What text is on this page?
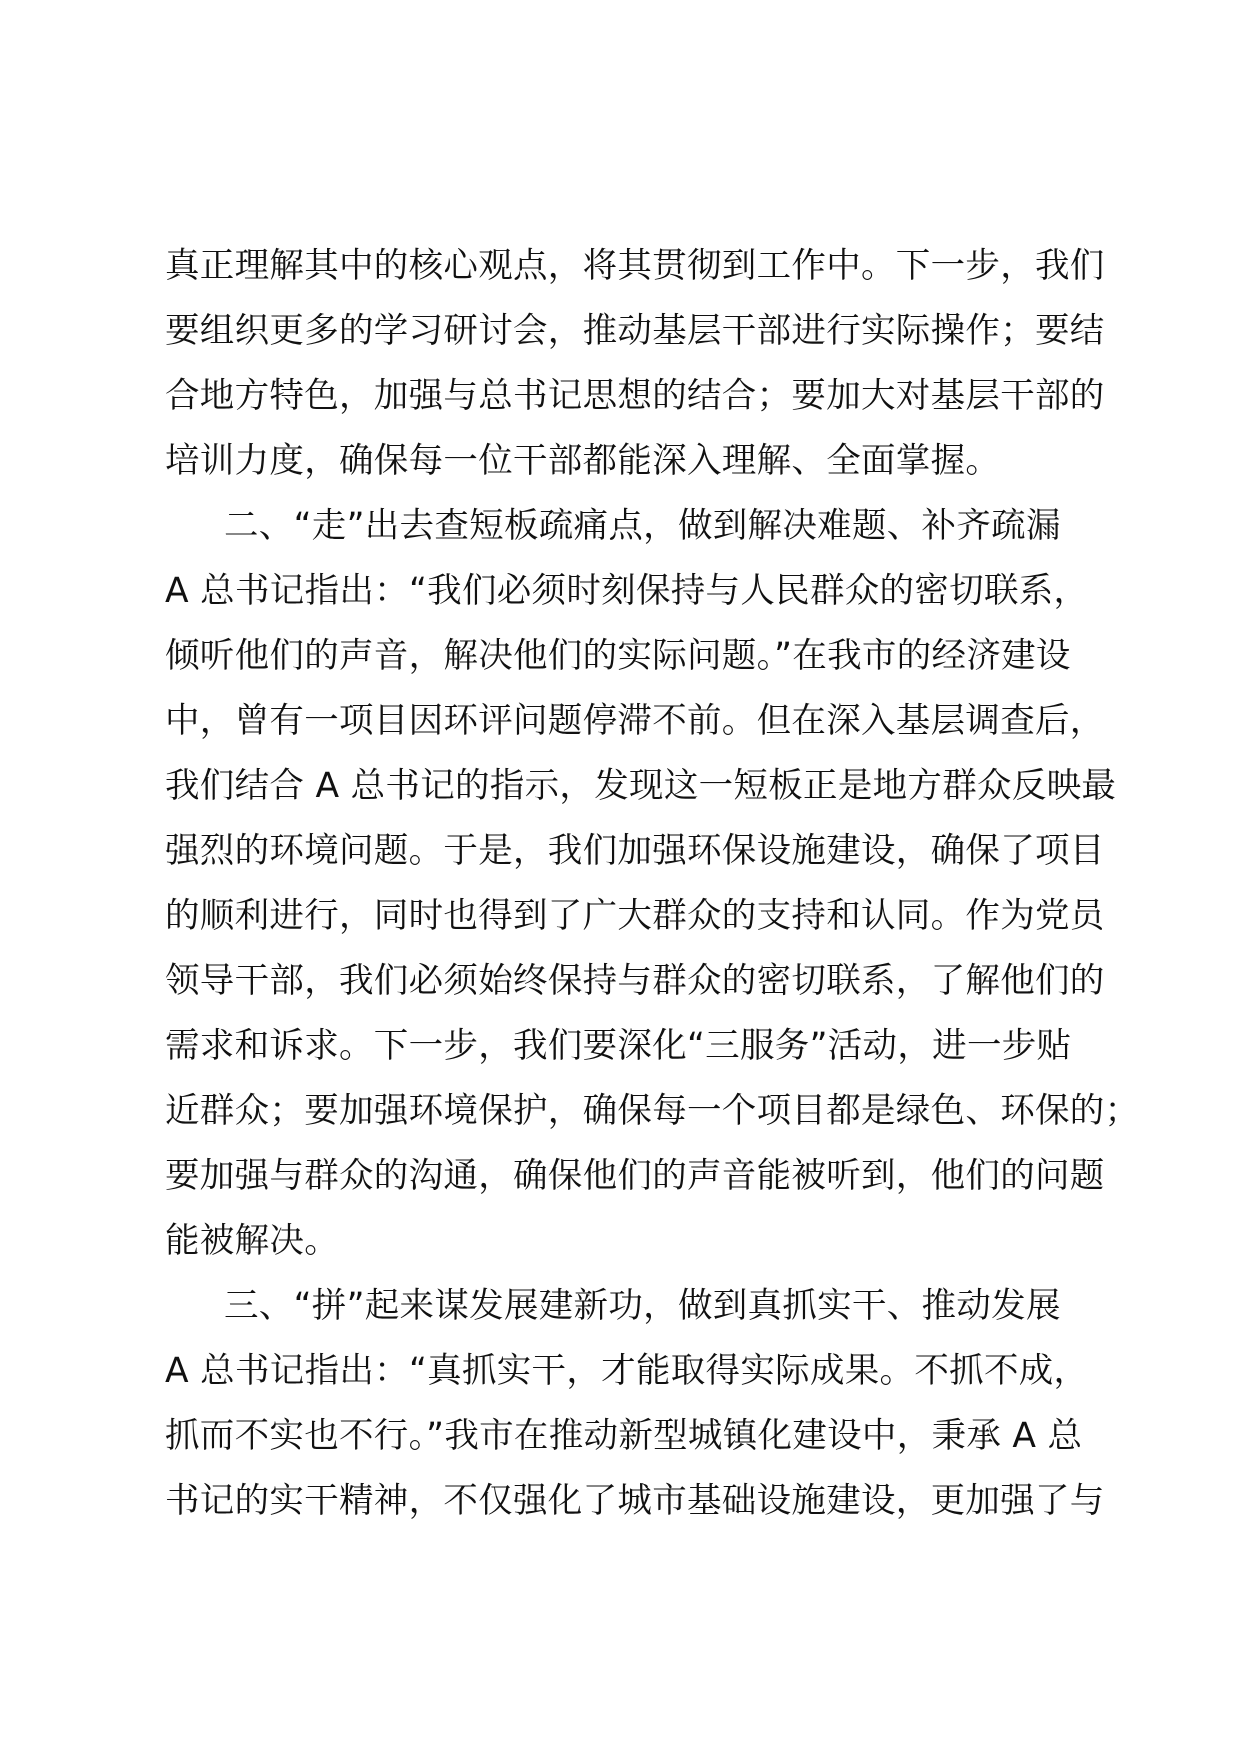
真正理解其中的核心观点，将其贯彻到工作中。下一步，我们
要组织更多的学习研讨会，推动基层干部进行实际操作；要结
合地方特色，加强与总书记思想的结合；要加大对基层干部的
培训力度，确保每一位干部都能深入理解、全面掌握。
二、“走”出去查短板疏痛点，做到解决难题、补齐疏漏
A 总书记指出：“我们必须时刻保持与人民群众的密切联系，
倾听他们的声音，解决他们的实际问题。”在我市的经济建设
中，曾有一项目因环评问题停滞不前。但在深入基层调查后，
我们结合 A 总书记的指示，发现这一短板正是地方群众反映最
强烈的环境问题。于是，我们加强环保设施建设，确保了项目
的顺利进行，同时也得到了广大群众的支持和认同。作为党员
领导干部，我们必须始终保持与群众的密切联系，了解他们的
需求和诉求。下一步，我们要深化“三服务”活动，进一步贴
近群众；要加强环境保护，确保每一个项目都是绿色、环保的；
要加强与群众的沟通，确保他们的声音能被听到，他们的问题
能被解决。
三、“拼”起来谋发展建新功，做到真抓实干、推动发展
A 总书记指出：“真抓实干，才能取得实际成果。不抓不成，
抓而不实也不行。”我市在推动新型城镇化建设中，秉承 A 总
书记的实干精神，不仅强化了城市基础设施建设，更加强了与
